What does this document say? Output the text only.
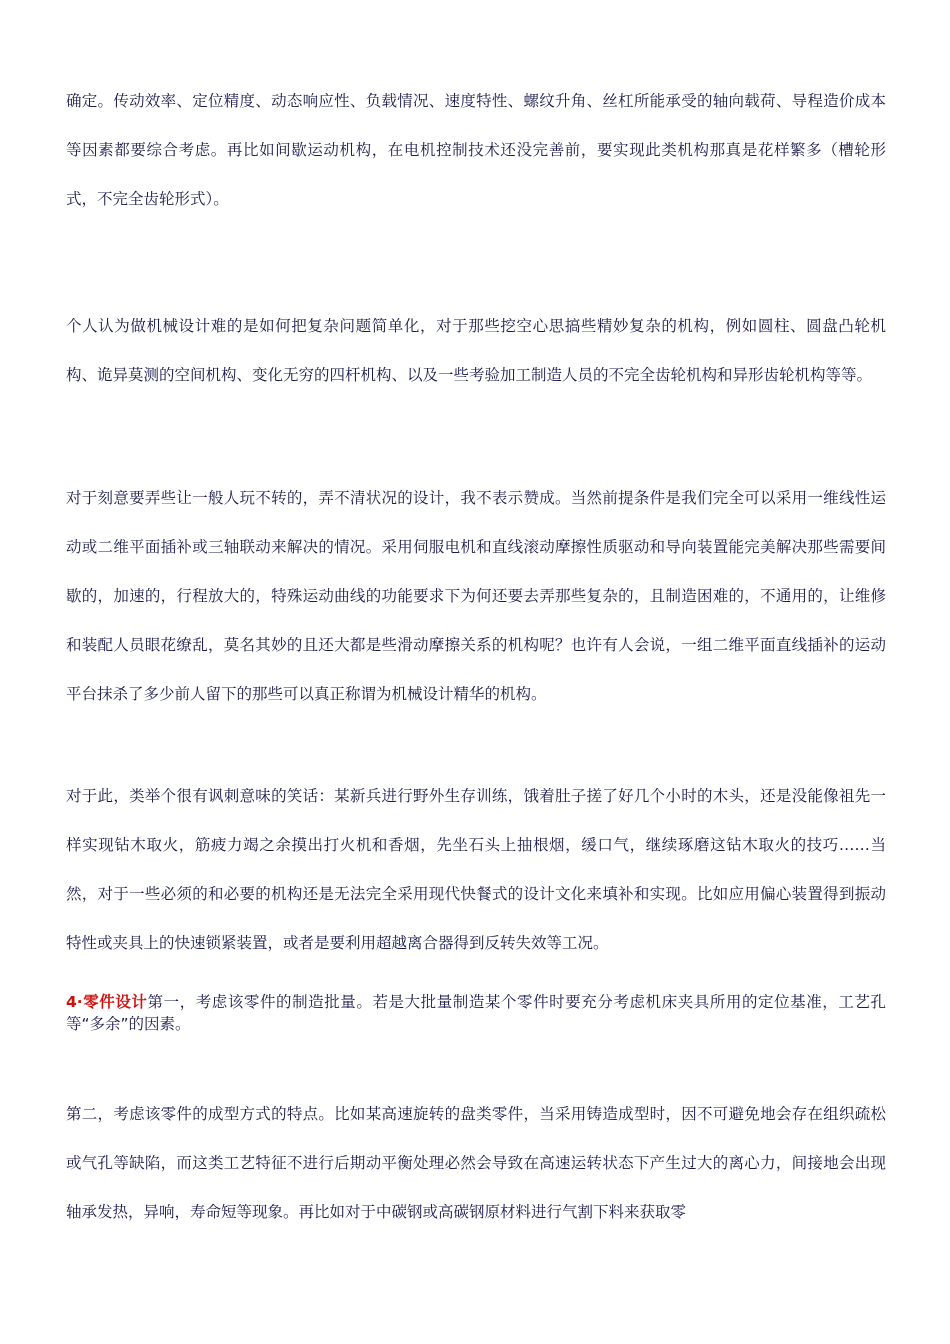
确定。传动效率、定位精度、动态响应性、负载情况、速度特性、螺纹升角、丝杠所能承受的轴向载荷、导程造价成本等因素都要综合考虑。再比如间歇运动机构，在电机控制技术还没完善前，要实现此类机构那真是花样繁多（槽轮形式，不完全齿轮形式）。

个人认为做机械设计难的是如何把复杂问题简单化，对于那些挖空心思搞些精妙复杂的机构，例如圆柱、圆盘凸轮机构、诡异莫测的空间机构、变化无穷的四杆机构、以及一些考验加工制造人员的不完全齿轮机构和异形齿轮机构等等。

对于刻意要弄些让一般人玩不转的，弄不清状况的设计，我不表示赞成。当然前提条件是我们完全可以采用一维线性运动或二维平面插补或三轴联动来解决的情况。采用伺服电机和直线滚动摩擦性质驱动和导向装置能完美解决那些需要间歇的，加速的，行程放大的，特殊运动曲线的功能要求下为何还要去弄那些复杂的，且制造困难的，不通用的，让维修和装配人员眼花缭乱，莫名其妙的且还大都是些滑动摩擦关系的机构呢？也许有人会说，一组二维平面直线插补的运动平台抹杀了多少前人留下的那些可以真正称谓为机械设计精华的机构。

对于此，类举个很有讽刺意味的笑话：某新兵进行野外生存训练，饿着肚子搓了好几个小时的木头，还是没能像祖先一样实现钻木取火，筋疲力竭之余摸出打火机和香烟，先坐石头上抽根烟，缓口气，继续琢磨这钻木取火的技巧……当然，对于一些必须的和必要的机构还是无法完全采用现代快餐式的设计文化来填补和实现。比如应用偏心装置得到振动特性或夹具上的快速锁紧装置，或者是要利用超越离合器得到反转失效等工况。

4·零件设计第一，考虑该零件的制造批量。若是大批量制造某个零件时要充分考虑机床夹具所用的定位基准，工艺孔等“多余”的因素。

第二，考虑该零件的成型方式的特点。比如某高速旋转的盘类零件，当采用铸造成型时，因不可避免地会存在组织疏松或气孔等缺陷，而这类工艺特征不进行后期动平衡处理必然会导致在高速运转状态下产生过大的离心力，间接地会出现轴承发热，异响，寿命短等现象。再比如对于中碳钢或高碳钢原材料进行气割下料来获取零
